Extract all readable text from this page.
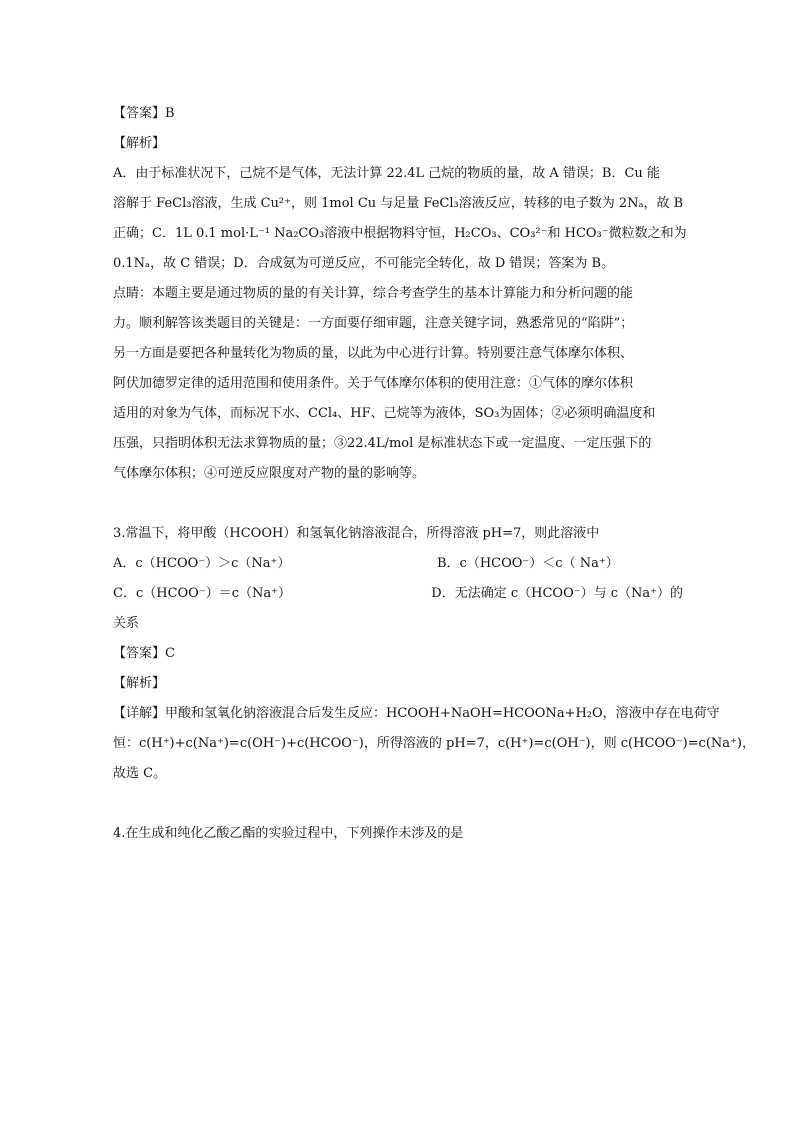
【答案】B
【解析】
A．由于标准状况下，己烷不是气体，无法计算 22.4L 己烷的物质的量，故 A 错误；B．Cu 能
溶解于 FeCl₃溶液，生成 Cu²⁺，则 1mol Cu 与足量 FeCl₃溶液反应，转移的电子数为 2Nₐ，故 B
正确；C．1L 0.1 mol·L⁻¹ Na₂CO₃溶液中根据物料守恒，H₂CO₃、CO₃²⁻和 HCO₃⁻微粒数之和为
0.1Nₐ，故 C 错误；D．合成氨为可逆反应，不可能完全转化，故 D 错误；答案为 B。
点睛：本题主要是通过物质的量的有关计算，综合考查学生的基本计算能力和分析问题的能
力。顺利解答该类题目的关键是：一方面要仔细审题，注意关键字词，熟悉常见的“陷阱”；
另一方面是要把各种量转化为物质的量，以此为中心进行计算。特别要注意气体摩尔体积、
阿伏加德罗定律的适用范围和使用条件。关于气体摩尔体积的使用注意：①气体的摩尔体积
适用的对象为气体，而标况下水、CCl₄、HF、己烷等为液体，SO₃为固体；②必须明确温度和
压强，只指明体积无法求算物质的量；③22.4L/mol 是标准状态下或一定温度、一定压强下的
气体摩尔体积；④可逆反应限度对产物的量的影响等。
3.常温下，将甲酸（HCOOH）和氢氧化钠溶液混合，所得溶液 pH=7，则此溶液中
A．c（HCOO⁻）＞c（Na⁺）	B．c（HCOO⁻）＜c（ Na⁺）
C．c（HCOO⁻）＝c（Na⁺）	D．无法确定 c（HCOO⁻）与 c（Na⁺）的
关系
【答案】C
【解析】
【详解】甲酸和氢氧化钠溶液混合后发生反应：HCOOH+NaOH=HCOONa+H₂O，溶液中存在电荷守
恒：c(H⁺)+c(Na⁺)=c(OH⁻)+c(HCOO⁻)，所得溶液的 pH=7，c(H⁺)=c(OH⁻)，则 c(HCOO⁻)=c(Na⁺)，
故选 C。
4.在生成和纯化乙酸乙酯的实验过程中，下列操作未涉及的是
